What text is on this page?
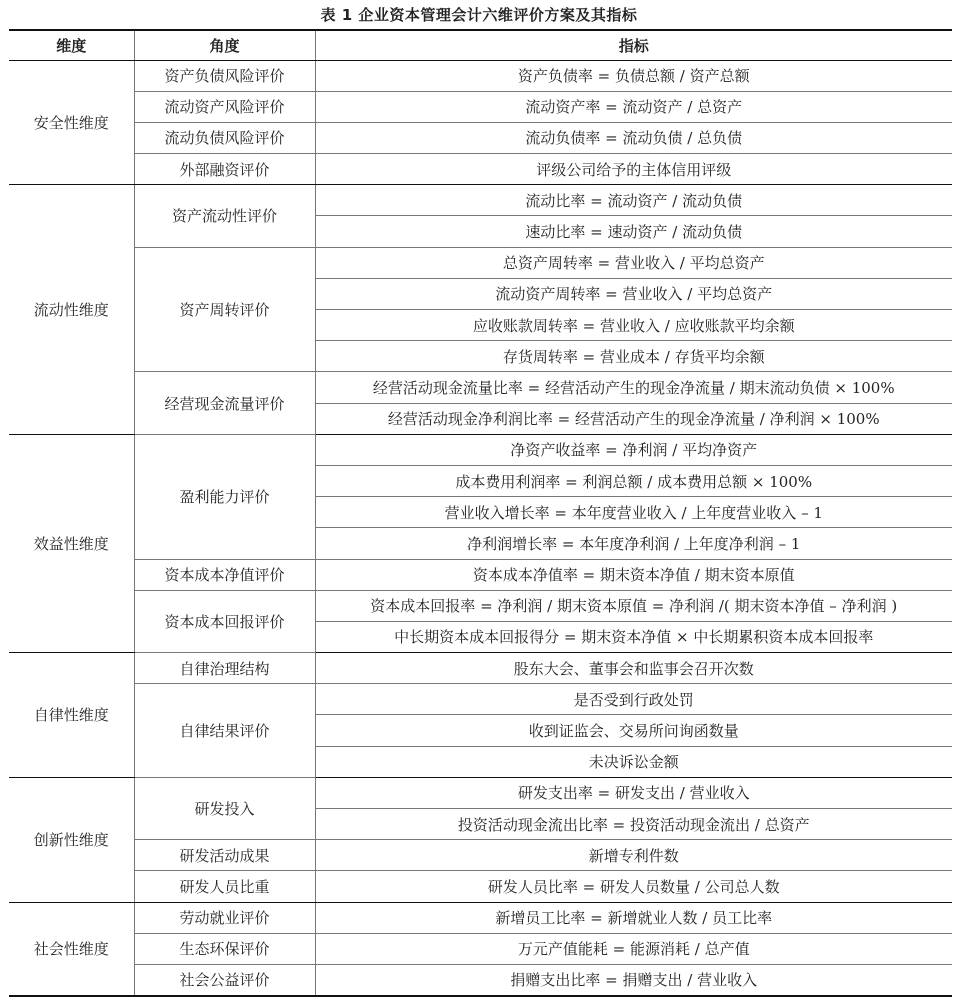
表 1 企业资本管理会计六维评价方案及其指标
维度	角度	指标
安全性维度	资产负债风险评价	资产负债率 = 负债总额 / 资产总额
	流动资产风险评价	流动资产率 = 流动资产 / 总资产
	流动负债风险评价	流动负债率 = 流动负债 / 总负债
	外部融资评价	评级公司给予的主体信用评级
流动性维度	资产流动性评价	流动比率 = 流动资产 / 流动负债
		速动比率 = 速动资产 / 流动负债
	资产周转评价	总资产周转率 = 营业收入 / 平均总资产
		流动资产周转率 = 营业收入 / 平均总资产
		应收账款周转率 = 营业收入 / 应收账款平均余额
		存货周转率 = 营业成本 / 存货平均余额
	经营现金流量评价	经营活动现金流量比率 = 经营活动产生的现金净流量 / 期末流动负债 × 100%
		经营活动现金净利润比率 = 经营活动产生的现金净流量 / 净利润 × 100%
效益性维度	盈利能力评价	净资产收益率 = 净利润 / 平均净资产
		成本费用利润率 = 利润总额 / 成本费用总额 × 100%
		营业收入增长率 = 本年度营业收入 / 上年度营业收入 – 1
		净利润增长率 = 本年度净利润 / 上年度净利润 – 1
	资本成本净值评价	资本成本净值率 = 期末资本净值 / 期末资本原值
	资本成本回报评价	资本成本回报率 = 净利润 / 期末资本原值 = 净利润 /( 期末资本净值 – 净利润 )
		中长期资本成本回报得分 = 期末资本净值 × 中长期累积资本成本回报率
自律性维度	自律治理结构	股东大会、董事会和监事会召开次数
	自律结果评价	是否受到行政处罚
		收到证监会、交易所问询函数量
		未决诉讼金额
创新性维度	研发投入	研发支出率 = 研发支出 / 营业收入
		投资活动现金流出比率 = 投资活动现金流出 / 总资产
	研发活动成果	新增专利件数
	研发人员比重	研发人员比率 = 研发人员数量 / 公司总人数
社会性维度	劳动就业评价	新增员工比率 = 新增就业人数 / 员工比率
	生态环保评价	万元产值能耗 = 能源消耗 / 总产值
	社会公益评价	捐赠支出比率 = 捐赠支出 / 营业收入
